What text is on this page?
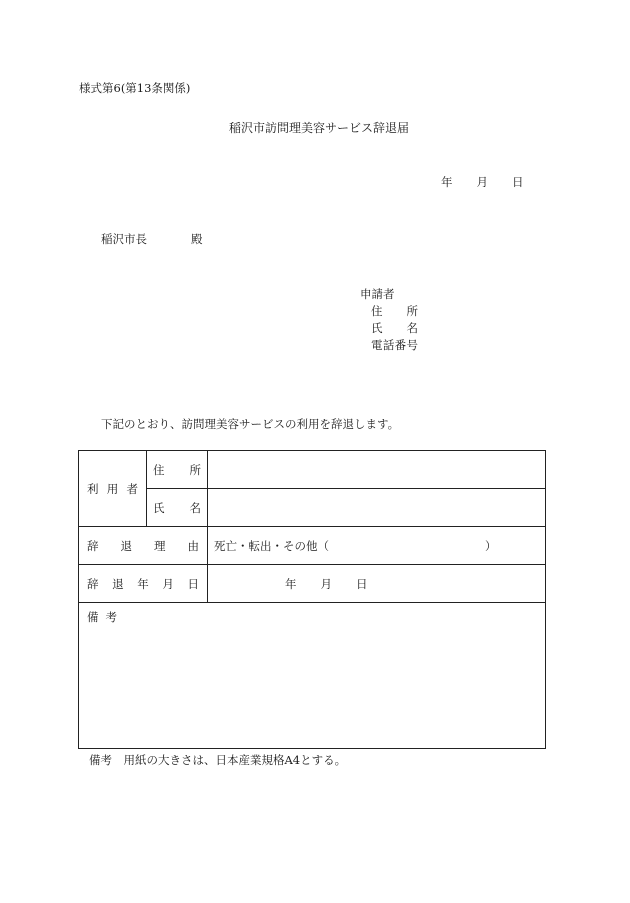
様式第6(第13条関係)
稲沢市訪問理美容サービス辞退届
年 月 日
稲沢市長	殿
申請者
住 所
氏 名
電話番号
下記のとおり、訪問理美容サービスの利用を辞退します。
利用者	住所	

	氏名	

辞退理由		死亡・転出・その他（ ）

辞退年月日		年 月 日
備考		
備考　用紙の大きさは、日本産業規格A4とする。
